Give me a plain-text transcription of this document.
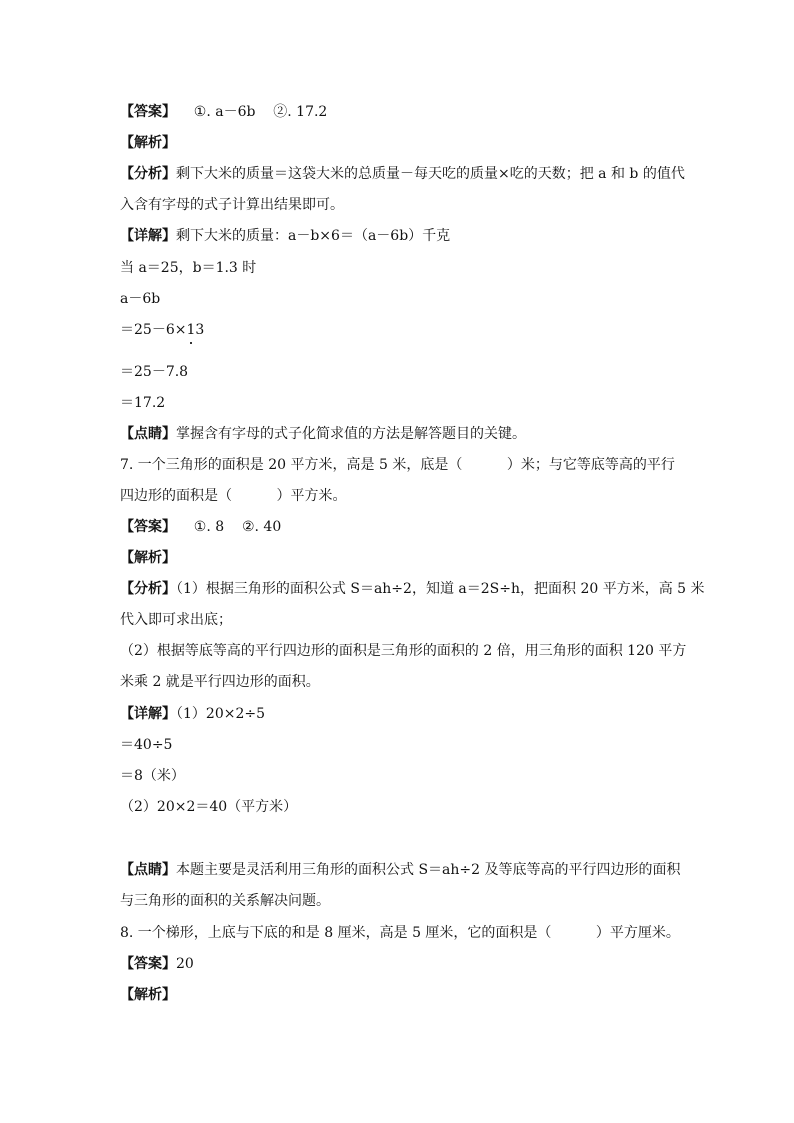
【答案】    ①. a－6b    ②. 17.2
【解析】
【分析】剩下大米的质量＝这袋大米的总质量－每天吃的质量×吃的天数；把 a 和 b 的值代
入含有字母的式子计算出结果即可。
【详解】剩下大米的质量：a－b×6＝（a－6b）千克
当 a＝25，b＝1.3 时
a－6b
＝25－6×13
＝25－7.8
＝17.2
【点睛】掌握含有字母的式子化简求值的方法是解答题目的关键。
7. 一个三角形的面积是 20 平方米，高是 5 米，底是（          ）米；与它等底等高的平行
四边形的面积是（          ）平方米。
【答案】    ①. 8    ②. 40
【解析】
【分析】（1）根据三角形的面积公式 S＝ah÷2，知道 a＝2S÷h，把面积 20 平方米，高 5 米
代入即可求出底；
（2）根据等底等高的平行四边形的面积是三角形的面积的 2 倍，用三角形的面积 120 平方
米乘 2 就是平行四边形的面积。
【详解】（1）20×2÷5
＝40÷5
＝8（米）
（2）20×2＝40（平方米）
【点睛】本题主要是灵活利用三角形的面积公式 S＝ah÷2 及等底等高的平行四边形的面积
与三角形的面积的关系解决问题。
8. 一个梯形，上底与下底的和是 8 厘米，高是 5 厘米，它的面积是（          ）平方厘米。
【答案】20
【解析】
